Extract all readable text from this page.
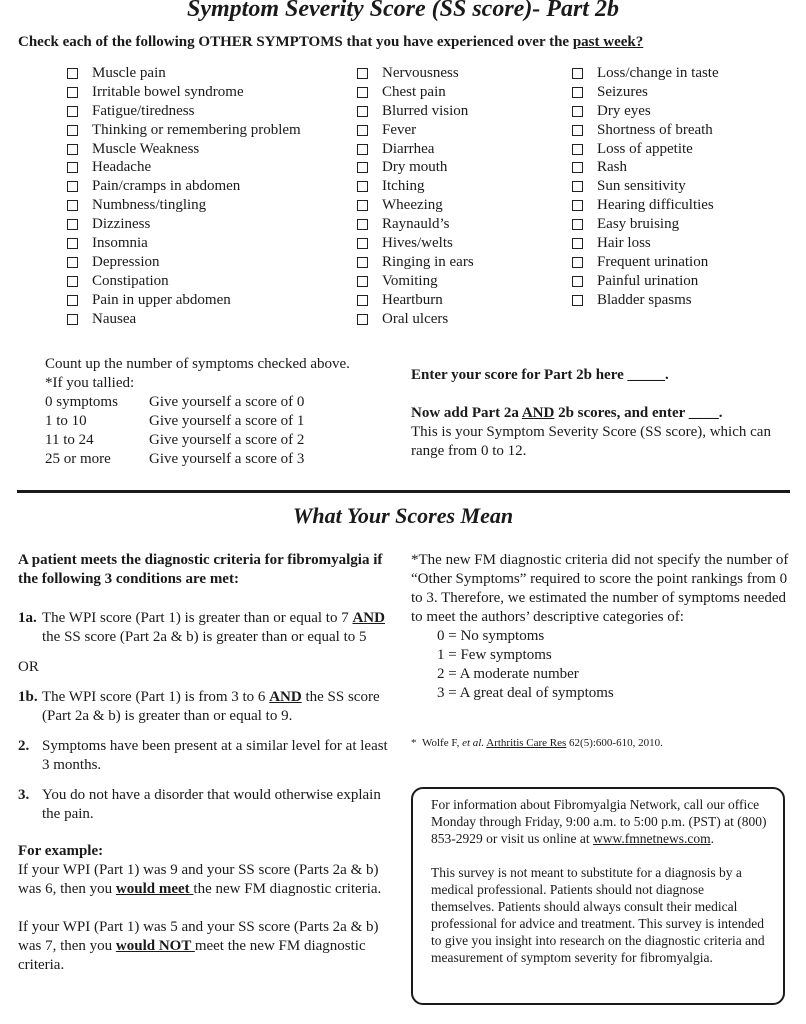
Symptom Severity Score (SS score)- Part 2b
Check each of the following OTHER SYMPTOMS that you have experienced over the past week?
Muscle pain
Irritable bowel syndrome
Fatigue/tiredness
Thinking or remembering problem
Muscle Weakness
Headache
Pain/cramps in abdomen
Numbness/tingling
Dizziness
Insomnia
Depression
Constipation
Pain in upper abdomen
Nausea
Nervousness
Chest pain
Blurred vision
Fever
Diarrhea
Dry mouth
Itching
Wheezing
Raynauld’s
Hives/welts
Ringing in ears
Vomiting
Heartburn
Oral ulcers
Loss/change in taste
Seizures
Dry eyes
Shortness of breath
Loss of appetite
Rash
Sun sensitivity
Hearing difficulties
Easy bruising
Hair loss
Frequent urination
Painful urination
Bladder spasms
Count up the number of symptoms checked above.
*If you tallied:
0 symptoms	Give yourself a score of 0
1 to 10	Give yourself a score of 1
11 to 24	Give yourself a score of 2
25 or more	Give yourself a score of 3
Enter your score for Part 2b here _____.
Now add Part 2a AND 2b scores, and enter ____.
This is your Symptom Severity Score (SS score), which can range from 0 to 12.
What Your Scores Mean

A patient meets the diagnostic criteria for fibromyalgia if the following 3 conditions are met:

1a. The WPI score (Part 1) is greater than or equal to 7 AND the SS score (Part 2a & b) is greater than or equal to 5

OR

1b. The WPI score (Part 1) is from 3 to 6 AND the SS score (Part 2a & b) is greater than or equal to 9.
2. Symptoms have been present at a similar level for at least 3 months.
3. You do not have a disorder that would otherwise explain the pain.

For example:

If your WPI (Part 1) was 9 and your SS score (Parts 2a & b) was 6, then you would meet the new FM diagnostic criteria.

If your WPI (Part 1) was 5 and your SS score (Parts 2a & b) was 7, then you would NOT meet the new FM diagnostic criteria.

*The new FM diagnostic criteria did not specify the number of “Other Symptoms” required to score the point rankings from 0 to 3. Therefore, we estimated the number of symptoms needed to meet the authors’ descriptive categories of:

0 = No symptoms

1 = Few symptoms

2 = A moderate number

3 = A great deal of symptoms

* Wolfe F, et al. Arthritis Care Res 62(5):600-610, 2010.

For information about Fibromyalgia Network, call our office Monday through Friday, 9:00 a.m. to 5:00 p.m. (PST) at (800) 853-2929 or visit us online at www.fmnetnews.com.

This survey is not meant to substitute for a diagnosis by a medical professional. Patients should not diagnose themselves. Patients should always consult their medical professional for advice and treatment. This survey is intended to give you insight into research on the diagnostic criteria and measurement of symptom severity for fibromyalgia.
